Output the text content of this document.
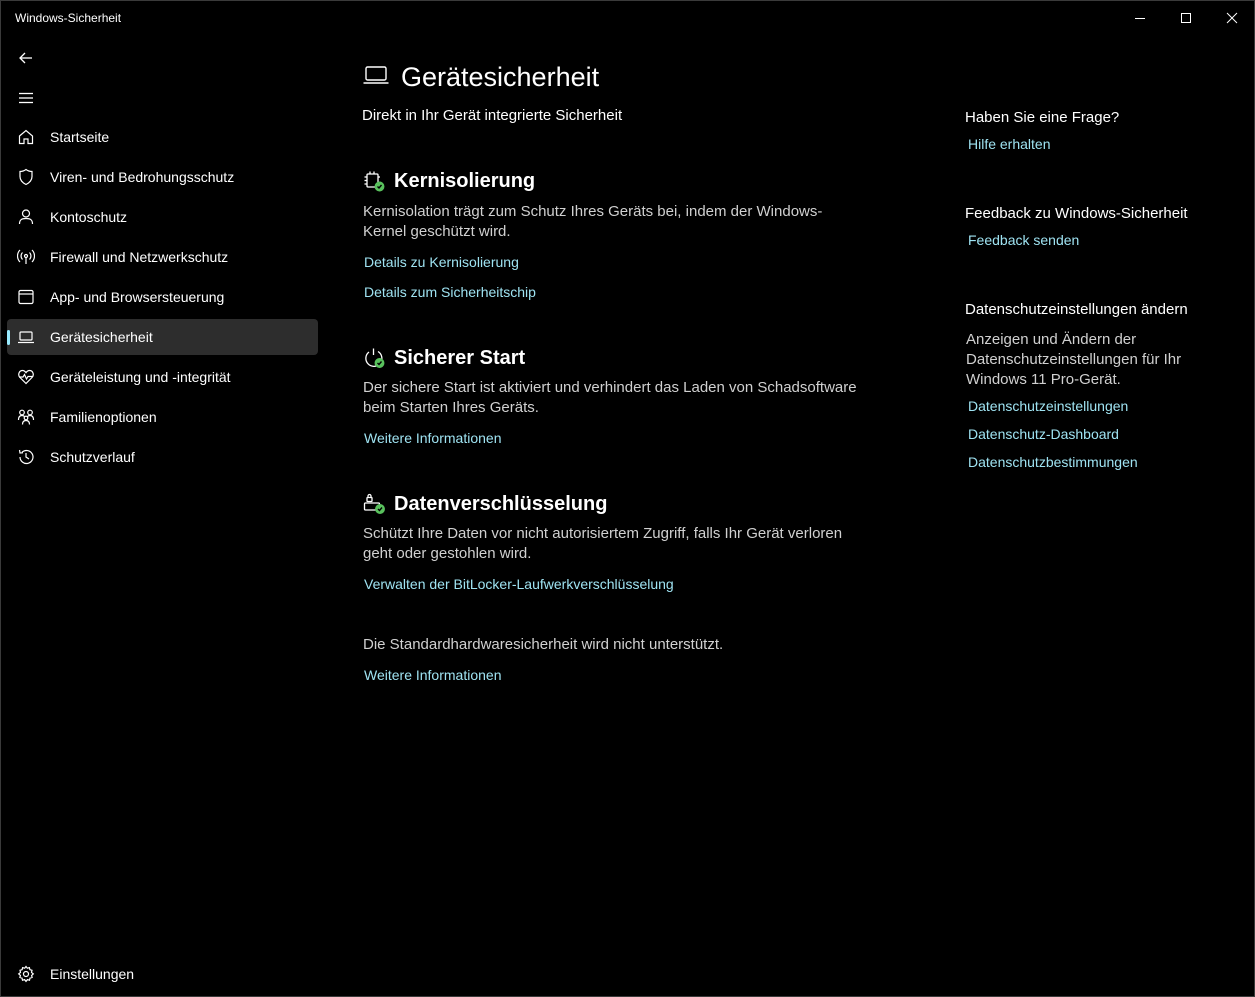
Windows-Sicherheit
Startseite
Viren- und Bedrohungsschutz
Kontoschutz
Firewall und Netzwerkschutz
App- und Browsersteuerung
Gerätesicherheit
Geräteleistung und -integrität
Familienoptionen
Schutzverlauf
Einstellungen
Gerätesicherheit
Direkt in Ihr Gerät integrierte Sicherheit
Kernisolierung
Kernisolation trägt zum Schutz Ihres Geräts bei, indem der Windows-Kernel geschützt wird.
Details zu Kernisolierung
Details zum Sicherheitschip
Sicherer Start
Der sichere Start ist aktiviert und verhindert das Laden von Schadsoftware beim Starten Ihres Geräts.
Weitere Informationen
Datenverschlüsselung
Schützt Ihre Daten vor nicht autorisiertem Zugriff, falls Ihr Gerät verloren geht oder gestohlen wird.
Verwalten der BitLocker-Laufwerkverschlüsselung
Die Standardhardwaresicherheit wird nicht unterstützt.
Weitere Informationen
Haben Sie eine Frage?
Hilfe erhalten
Feedback zu Windows-Sicherheit
Feedback senden
Datenschutzeinstellungen ändern
Anzeigen und Ändern der Datenschutzeinstellungen für Ihr Windows 11 Pro-Gerät.
Datenschutzeinstellungen
Datenschutz-Dashboard
Datenschutzbestimmungen
